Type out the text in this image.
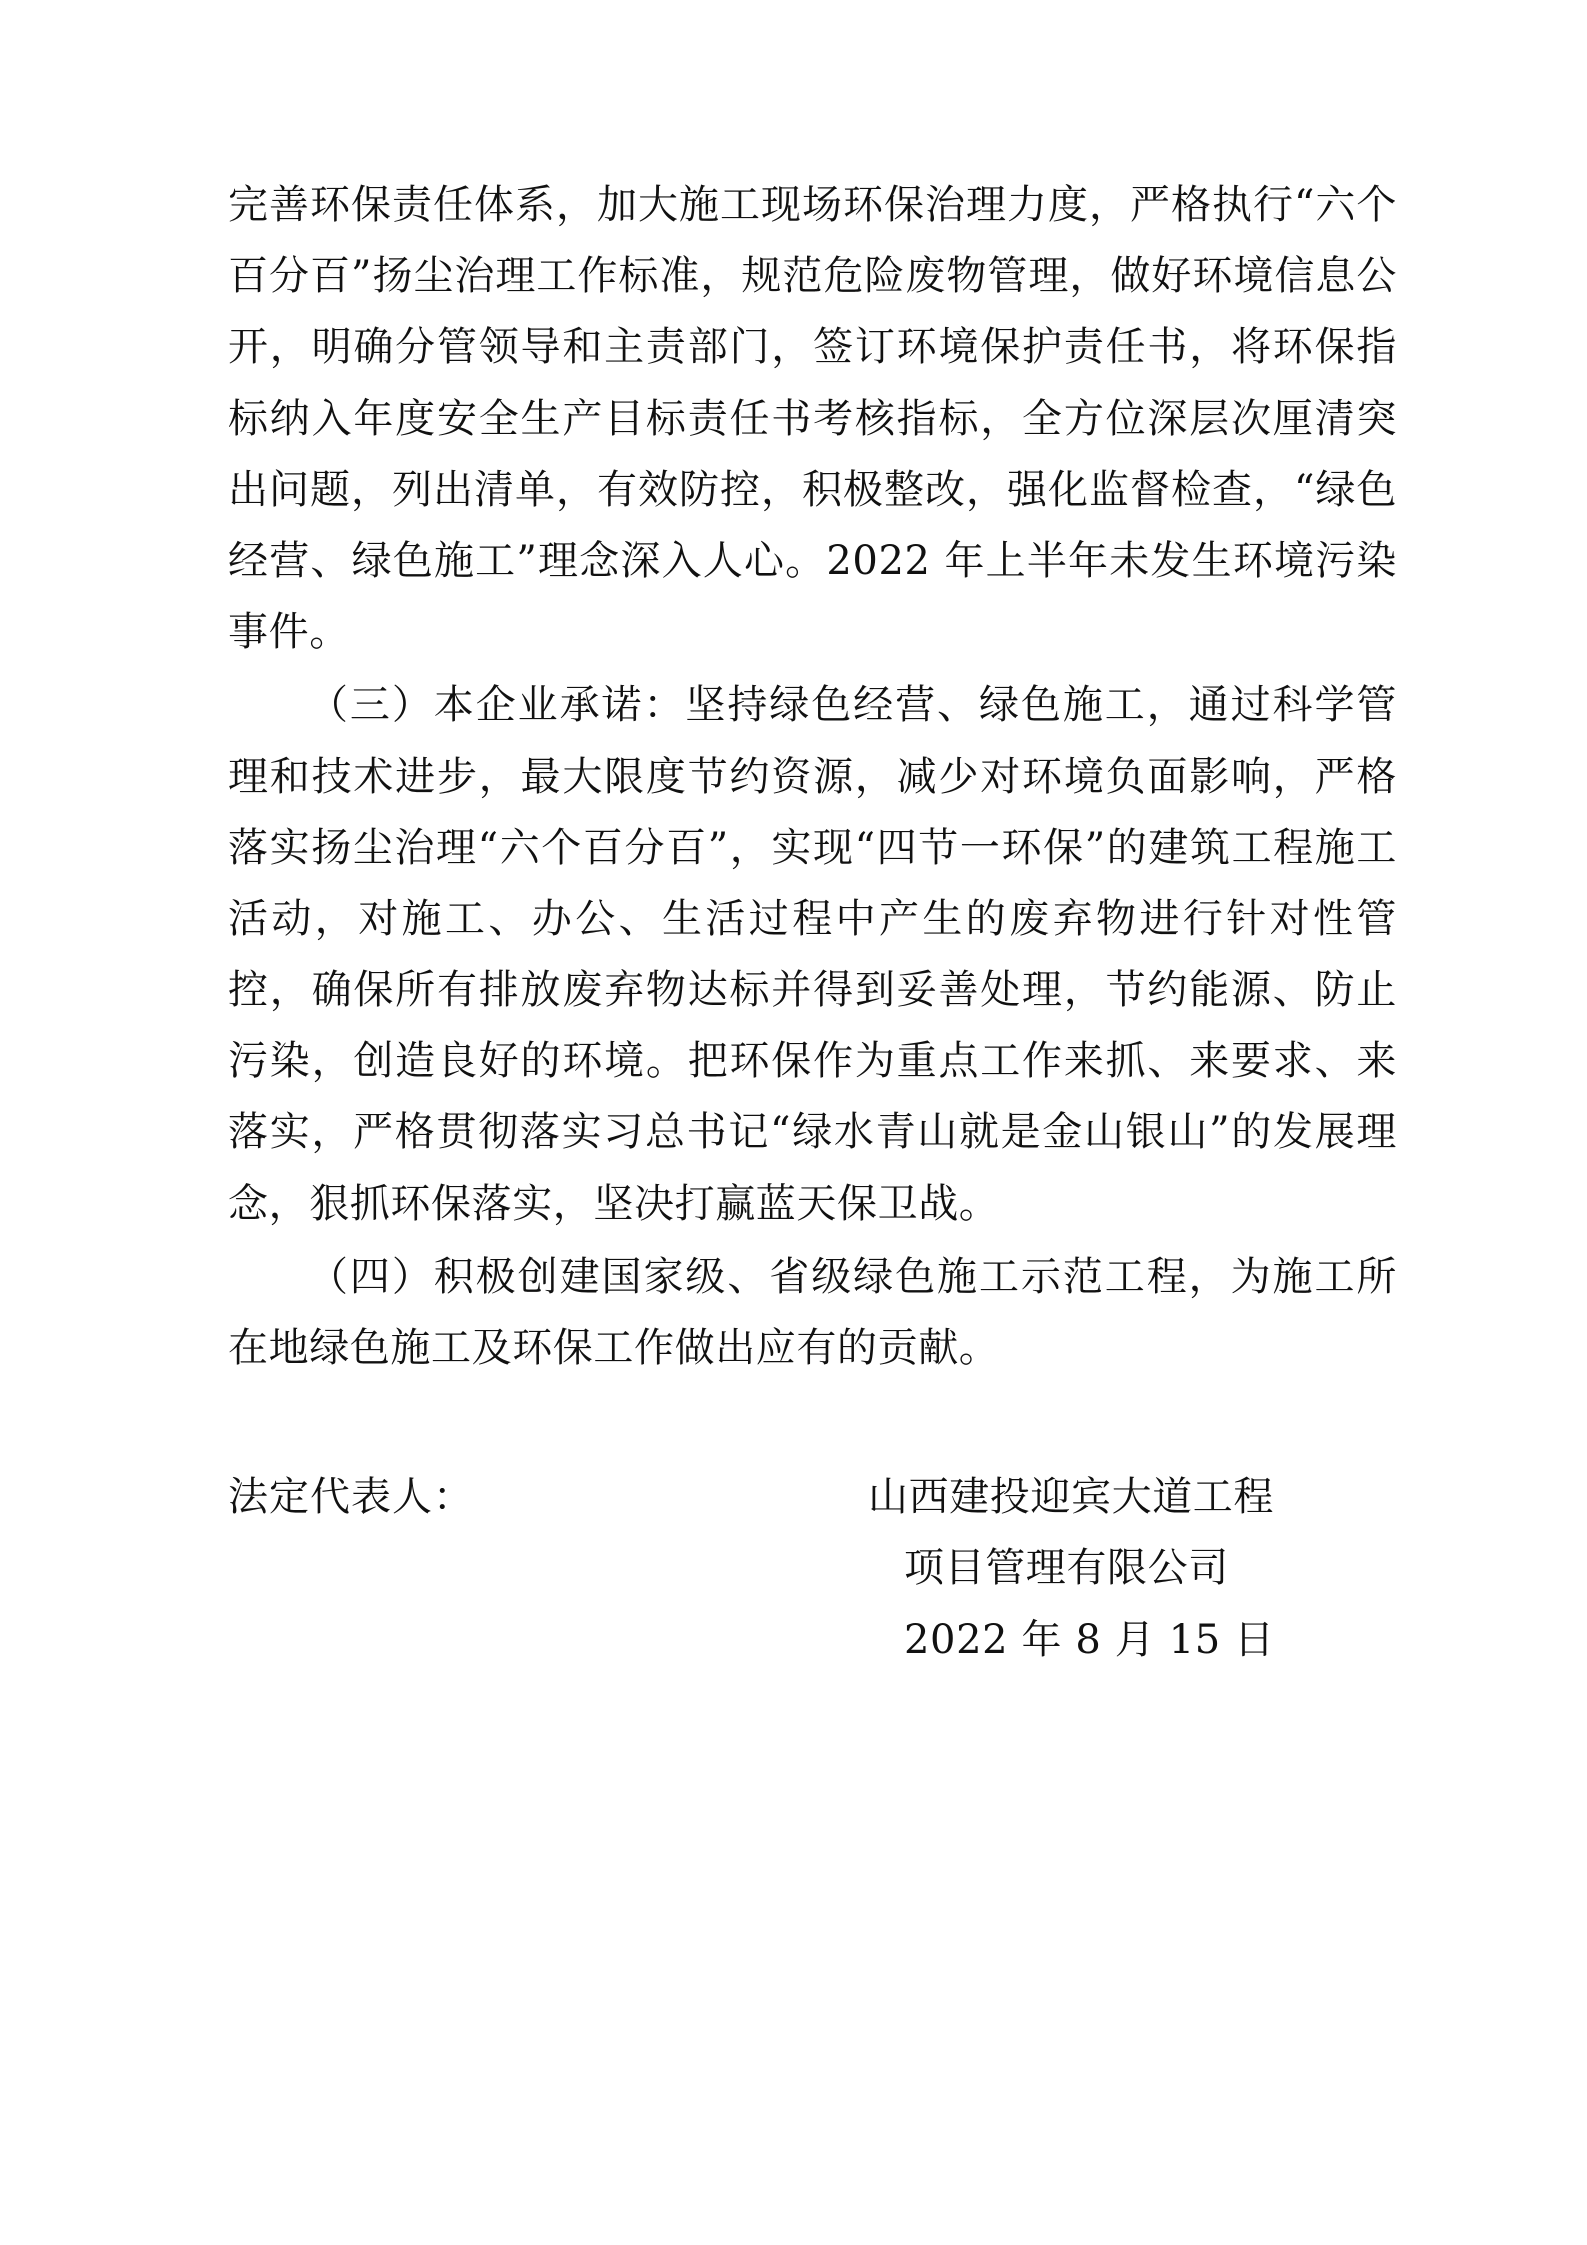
完善环保责任体系，加大施工现场环保治理力度，严格执行“六个百分百”扬尘治理工作标准，规范危险废物管理，做好环境信息公开，明确分管领导和主责部门，签订环境保护责任书，将环保指标纳入年度安全生产目标责任书考核指标，全方位深层次厘清突出问题，列出清单，有效防控，积极整改，强化监督检查，“绿色经营、绿色施工”理念深入人心。2022 年上半年未发生环境污染事件。

（三）本企业承诺：坚持绿色经营、绿色施工，通过科学管理和技术进步，最大限度节约资源，减少对环境负面影响，严格落实扬尘治理“六个百分百”，实现“四节一环保”的建筑工程施工活动，对施工、办公、生活过程中产生的废弃物进行针对性管控，确保所有排放废弃物达标并得到妥善处理，节约能源、防止污染，创造良好的环境。把环保作为重点工作来抓、来要求、来落实，严格贯彻落实习总书记“绿水青山就是金山银山”的发展理念，狠抓环保落实，坚决打赢蓝天保卫战。

（四）积极创建国家级、省级绿色施工示范工程，为施工所在地绿色施工及环保工作做出应有的贡献。

法定代表人：	山西建投迎宾大道工程
项目管理有限公司
2022 年 8 月 15 日
